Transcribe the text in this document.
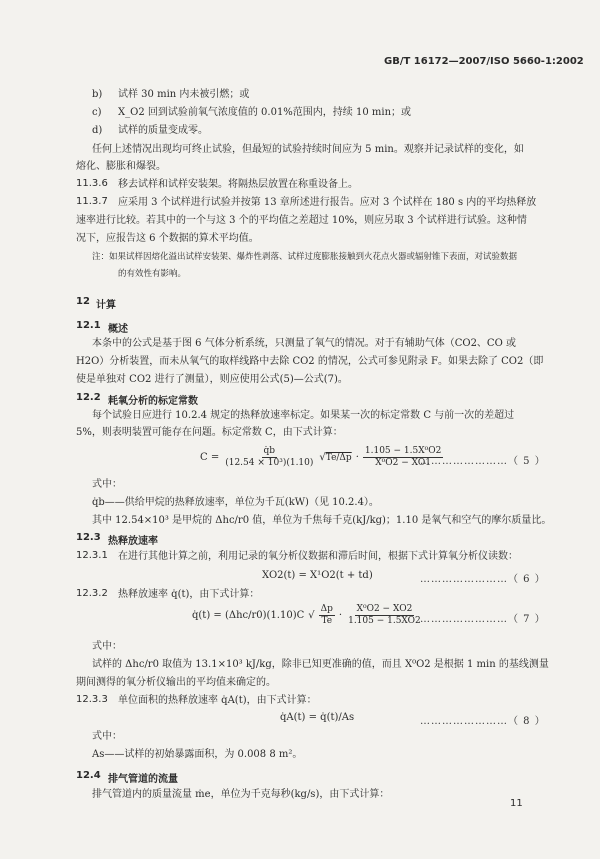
GB/T 16172—2007/ISO 5660-1:2002
b) 试样 30 min 内未被引燃；或
c) X_O2 回到试验前氧气浓度值的 0.01%范围内，持续 10 min；或
d) 试样的质量变成零。
任何上述情况出现均可终止试验，但最短的试验持续时间应为 5 min。观察并记录试样的变化，如
熔化、膨胀和爆裂。
11.3.6 移去试样和试样安装架。将隔热层放置在称重设备上。
11.3.7 应采用 3 个试样进行试验并按第 13 章所述进行报告。应对 3 个试样在 180 s 内的平均热释放
速率进行比较。若其中的一个与这 3 个的平均值之差超过 10%，则应另取 3 个试样进行试验。这种情
况下，应报告这 6 个数据的算术平均值。
注：如果试样因熔化溢出试样安装架、爆炸性剥落、试样过度膨胀接触到火花点火器或辐射锥下表面，对试验数据
的有效性有影响。
12 计算
12.1 概述
本条中的公式是基于图 6 气体分析系统，只测量了氧气的情况。对于有辅助气体（CO2、CO 或
H2O）分析装置，而未从氧气的取样线路中去除 CO2 的情况，公式可参见附录 F。如果去除了 CO2（即
使是单独对 CO2 进行了测量），则应使用公式(5)—公式(7)。
12.2 耗氧分析的标定常数
每个试验日应进行 10.2.4 规定的热释放速率标定。如果某一次的标定常数 C 与前一次的差超过
5%，则表明装置可能存在问题。标定常数 C，由下式计算：
$C = \frac{q̇b}{\text{(12.54 × 10³)(1.10)}} √Te/\Delta p \cdot \frac{\text{1.105 − 1.5X⁰O2}}{\text{X⁰O2 − XO1}}$
……………………（ 5 ）
式中：
q̇b——供给甲烷的热释放速率，单位为千瓦(kW)（见 10.2.4）。
其中 12.54×10³ 是甲烷的 Δhc/r0 值，单位为千焦每千克(kJ/kg)；1.10 是氧气和空气的摩尔质量比。
12.3 热释放速率
12.3.1 在进行其他计算之前，利用记录的氧分析仪数据和滞后时间，根据下式计算氧分析仪读数：
XO2(t) = X¹O2(t + td)	……………………（ 6 ）
12.3.2 热释放速率 q̇(t)，由下式计算：
q̇(t) = (Δhc/r0)(1.10)C √ $\frac{\Delta p}{Te} \cdot \frac{\text{X⁰O2 − XO2}}{1.105 - 1.5XO2}$
……………………（ 7 ）
式中：
试样的 Δhc/r0 取值为 13.1×10³ kJ/kg，除非已知更准确的值，而且 X⁰O2 是根据 1 min 的基线测量
期间测得的氧分析仪输出的平均值来确定的。
12.3.3 单位面积的热释放速率 q̇A(t)，由下式计算：
q̇A(t) = q̇(t)/As	……………………（ 8 ）
式中：
As——试样的初始暴露面积，为 0.008 8 m²。
12.4 排气管道的流量
排气管道内的质量流量 ṁe，单位为千克每秒(kg/s)，由下式计算：
11
